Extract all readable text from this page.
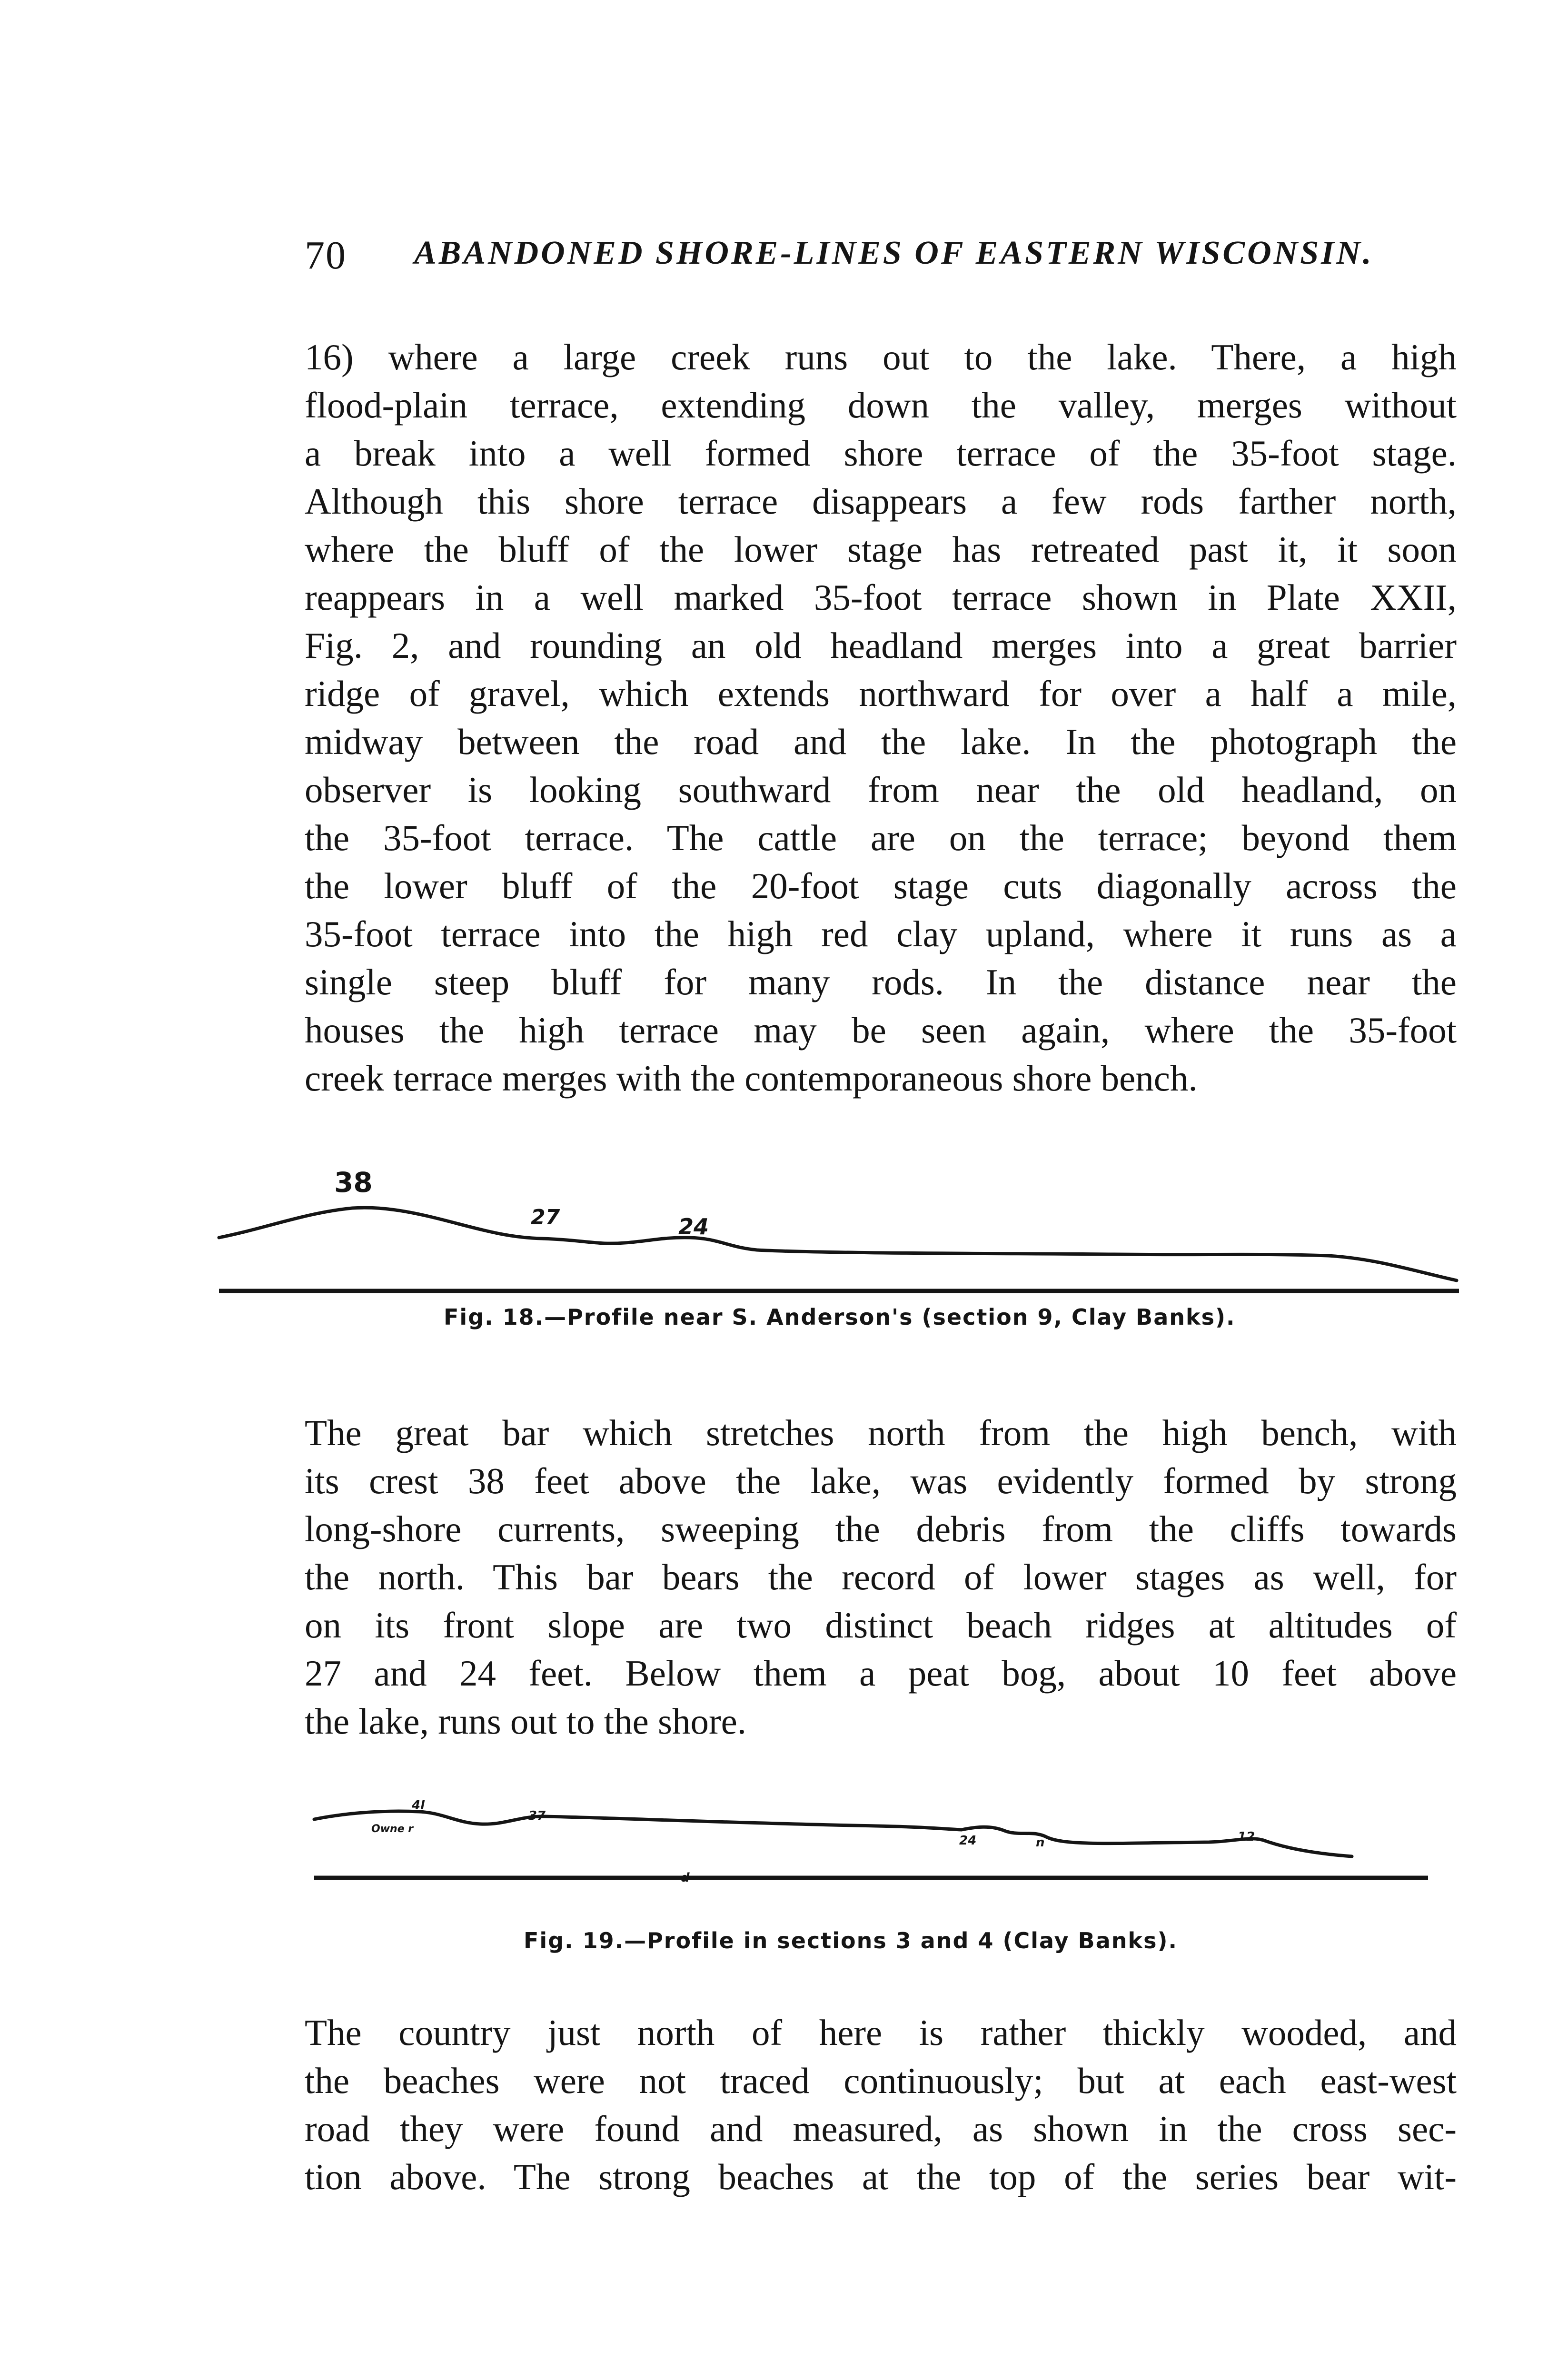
70 ABANDONED SHORE-LINES OF EASTERN WISCONSIN.
16) where a large creek runs out to the lake. There, a high
flood-plain terrace, extending down the valley, merges without
a break into a well formed shore terrace of the 35-foot stage.
Although this shore terrace disappears a few rods farther north,
where the bluff of the lower stage has retreated past it, it soon
reappears in a well marked 35-foot terrace shown in Plate XXII,
Fig. 2, and rounding an old headland merges into a great barrier
ridge of gravel, which extends northward for over a half a mile,
midway between the road and the lake. In the photograph the
observer is looking southward from near the old headland, on
the 35-foot terrace. The cattle are on the terrace; beyond them
the lower bluff of the 20-foot stage cuts diagonally across the
35-foot terrace into the high red clay upland, where it runs as a
single steep bluff for many rods. In the distance near the
houses the high terrace may be seen again, where the 35-foot
creek terrace merges with the contemporaneous shore bench.
38
27	24
Fig. 18.—Profile near S. Anderson's (section 9, Clay Banks).
The great bar which stretches north from the high bench, with
its crest 38 feet above the lake, was evidently formed by strong
long-shore currents, sweeping the debris from the cliffs towards
the north. This bar bears the record of lower stages as well, for
on its front slope are two distinct beach ridges at altitudes of
27 and 24 feet. Below them a peat bog, about 10 feet above
the lake, runs out to the shore.
4l
Owne r
37
d
24	n	12
Fig. 19.—Profile in sections 3 and 4 (Clay Banks).
The country just north of here is rather thickly wooded, and
the beaches were not traced continuously; but at each east-west
road they were found and measured, as shown in the cross sec-
tion above. The strong beaches at the top of the series bear wit-
